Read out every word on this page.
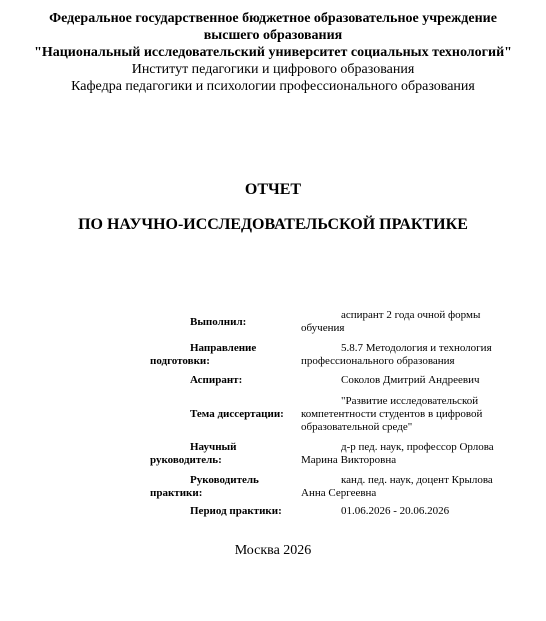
Федеральное государственное бюджетное образовательное учреждение
высшего образования
"Национальный исследовательский университет социальных технологий"
Институт педагогики и цифрового образования
Кафедра педагогики и психологии профессионального образования
ОТЧЕТ
ПО НАУЧНО-ИССЛЕДОВАТЕЛЬСКОЙ ПРАКТИКЕ
Выполнил:
аспирант 2 года очной формы обучения
Направление подготовки:
5.8.7 Методология и технология профессионального образования
Аспирант:	Соколов Дмитрий Андреевич
Тема диссертации:
"Развитие исследовательской компетентности студентов в цифровой образовательной среде"
Научный руководитель:
д-р пед. наук, профессор Орлова Марина Викторовна
Руководитель практики:
канд. пед. наук, доцент Крылова Анна Сергеевна
Период практики:	01.06.2026 - 20.06.2026
Москва 2026
